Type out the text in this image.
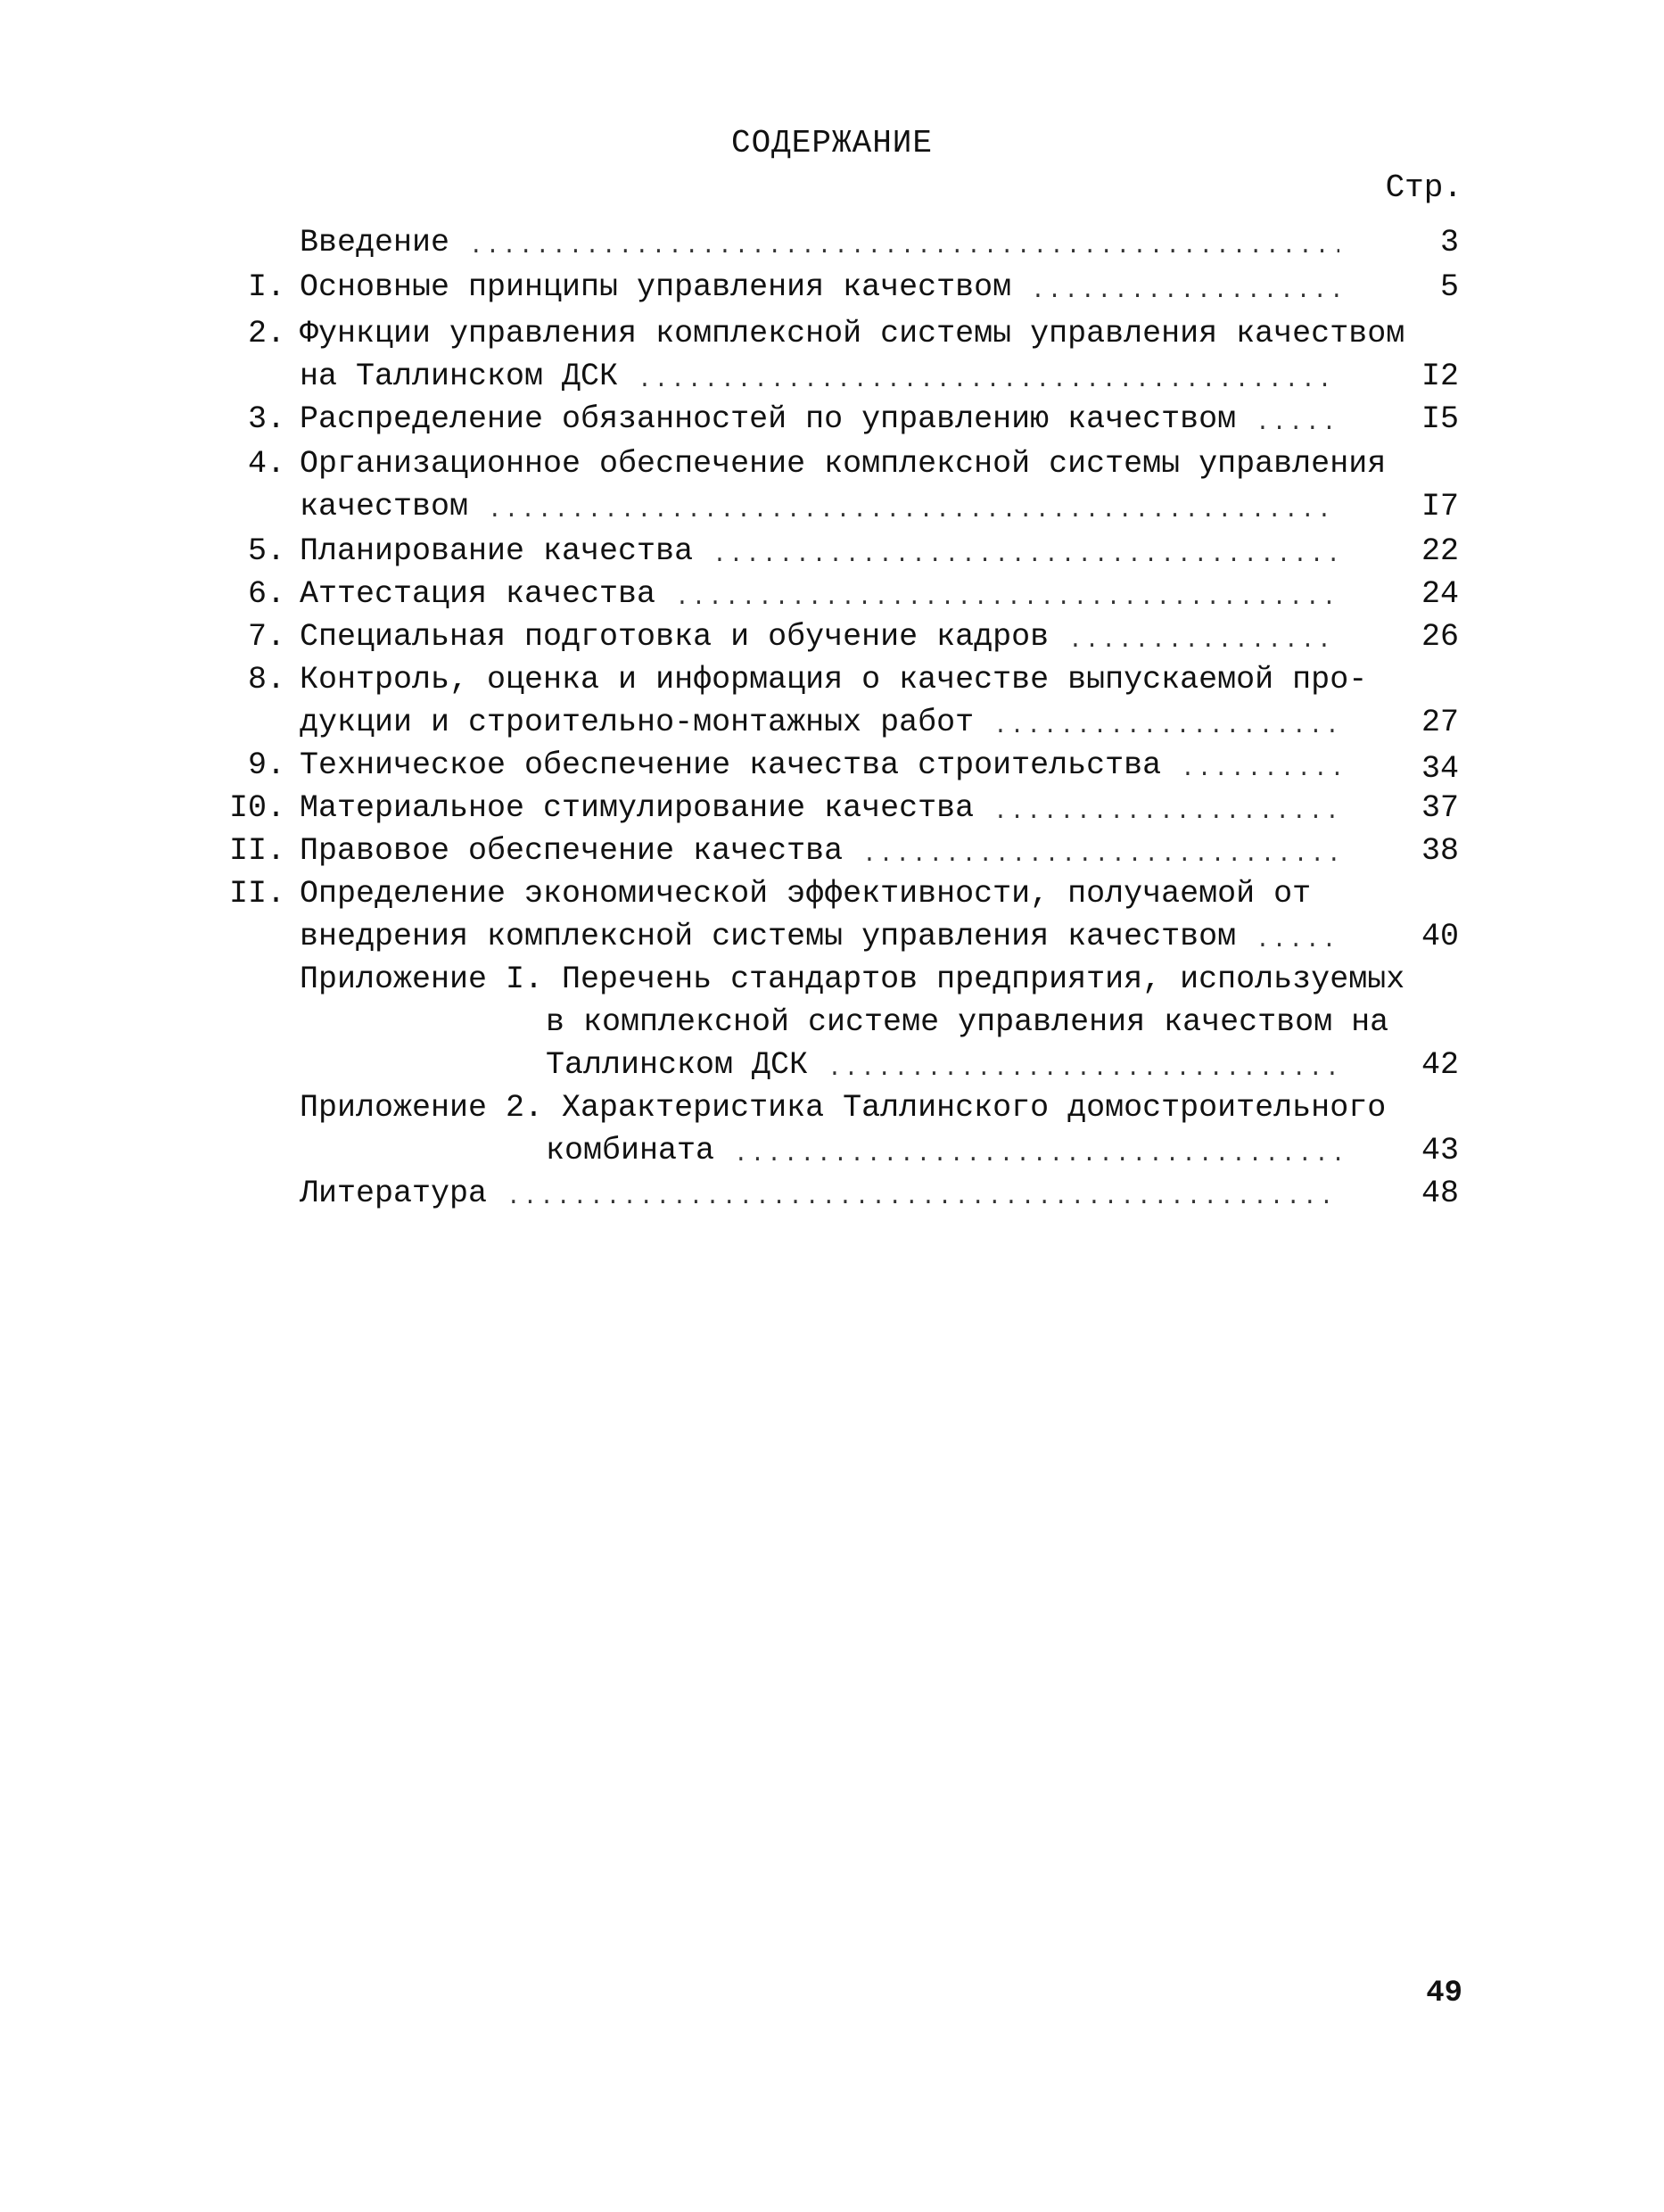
СОДЕРЖАНИЕ
Стр.
Введение .....	3
I. Основные принципы управления качеством .....	5
2. Функции управления комплексной системы управления качеством
на Таллинском ДСК .....	I2
3. Распределение обязанностей по управлению качеством .....	I5
4. Организационное обеспечение комплексной системы управления
качеством .....	I7
5. Планирование качества .....	22
6. Аттестация качества .....	24
7. Специальная подготовка и обучение кадров .....	26
8. Контроль, оценка и информация о качестве выпускаемой про-
дукции и строительно-монтажных работ .....	27
9. Техническое обеспечение качества строительства .....	34
I0. Материальное стимулирование качества .....	37
II. Правовое обеспечение качества .....	38
II. Определение экономической эффективности, получаемой от
внедрения комплексной системы управления качеством .....	40
Приложение I. Перечень стандартов предприятия, используемых
в комплексной системе управления качеством на
Таллинском ДСК .....	42
Приложение 2. Характеристика Таллинского домостроительного
комбината .....	43
Литература .....	48
49
